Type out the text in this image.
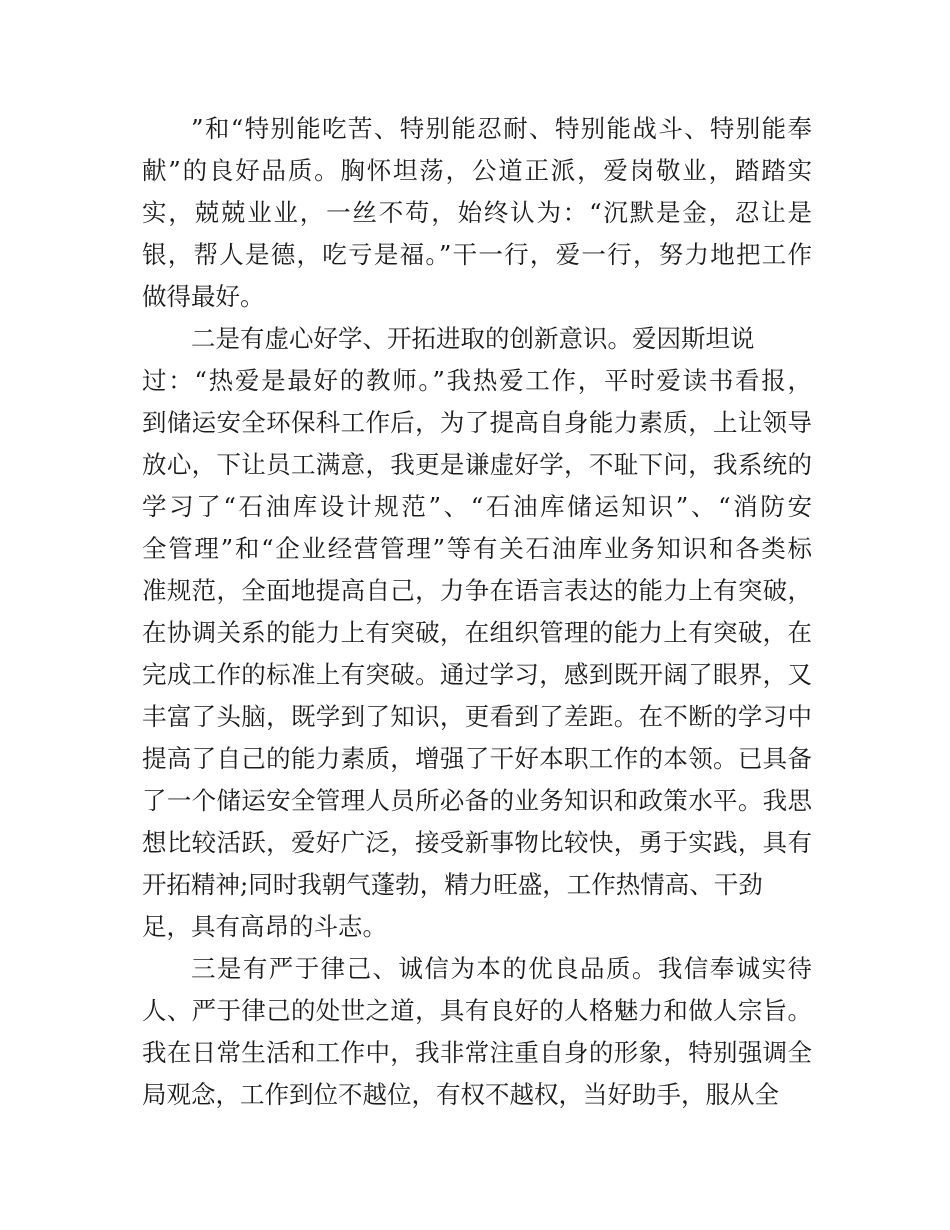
”和“特别能吃苦、特别能忍耐、特别能战斗、特别能奉
献”的良好品质。胸怀坦荡，公道正派，爱岗敬业，踏踏实
实，兢兢业业，一丝不苟，始终认为：“沉默是金，忍让是
银，帮人是德，吃亏是福。”干一行，爱一行，努力地把工作
做得最好。
二是有虚心好学、开拓进取的创新意识。爱因斯坦说
过：“热爱是最好的教师。”我热爱工作，平时爱读书看报，
到储运安全环保科工作后，为了提高自身能力素质，上让领导
放心，下让员工满意，我更是谦虚好学，不耻下问，我系统的
学习了“石油库设计规范”、“石油库储运知识”、“消防安
全管理”和“企业经营管理”等有关石油库业务知识和各类标
准规范，全面地提高自己，力争在语言表达的能力上有突破，
在协调关系的能力上有突破，在组织管理的能力上有突破，在
完成工作的标准上有突破。通过学习，感到既开阔了眼界，又
丰富了头脑，既学到了知识，更看到了差距。在不断的学习中
提高了自己的能力素质，增强了干好本职工作的本领。已具备
了一个储运安全管理人员所必备的业务知识和政策水平。我思
想比较活跃，爱好广泛，接受新事物比较快，勇于实践，具有
开拓精神;同时我朝气蓬勃，精力旺盛，工作热情高、干劲
足，具有高昂的斗志。
三是有严于律己、诚信为本的优良品质。我信奉诚实待
人、严于律己的处世之道，具有良好的人格魅力和做人宗旨。
我在日常生活和工作中，我非常注重自身的形象，特别强调全
局观念，工作到位不越位，有权不越权，当好助手，服从全
